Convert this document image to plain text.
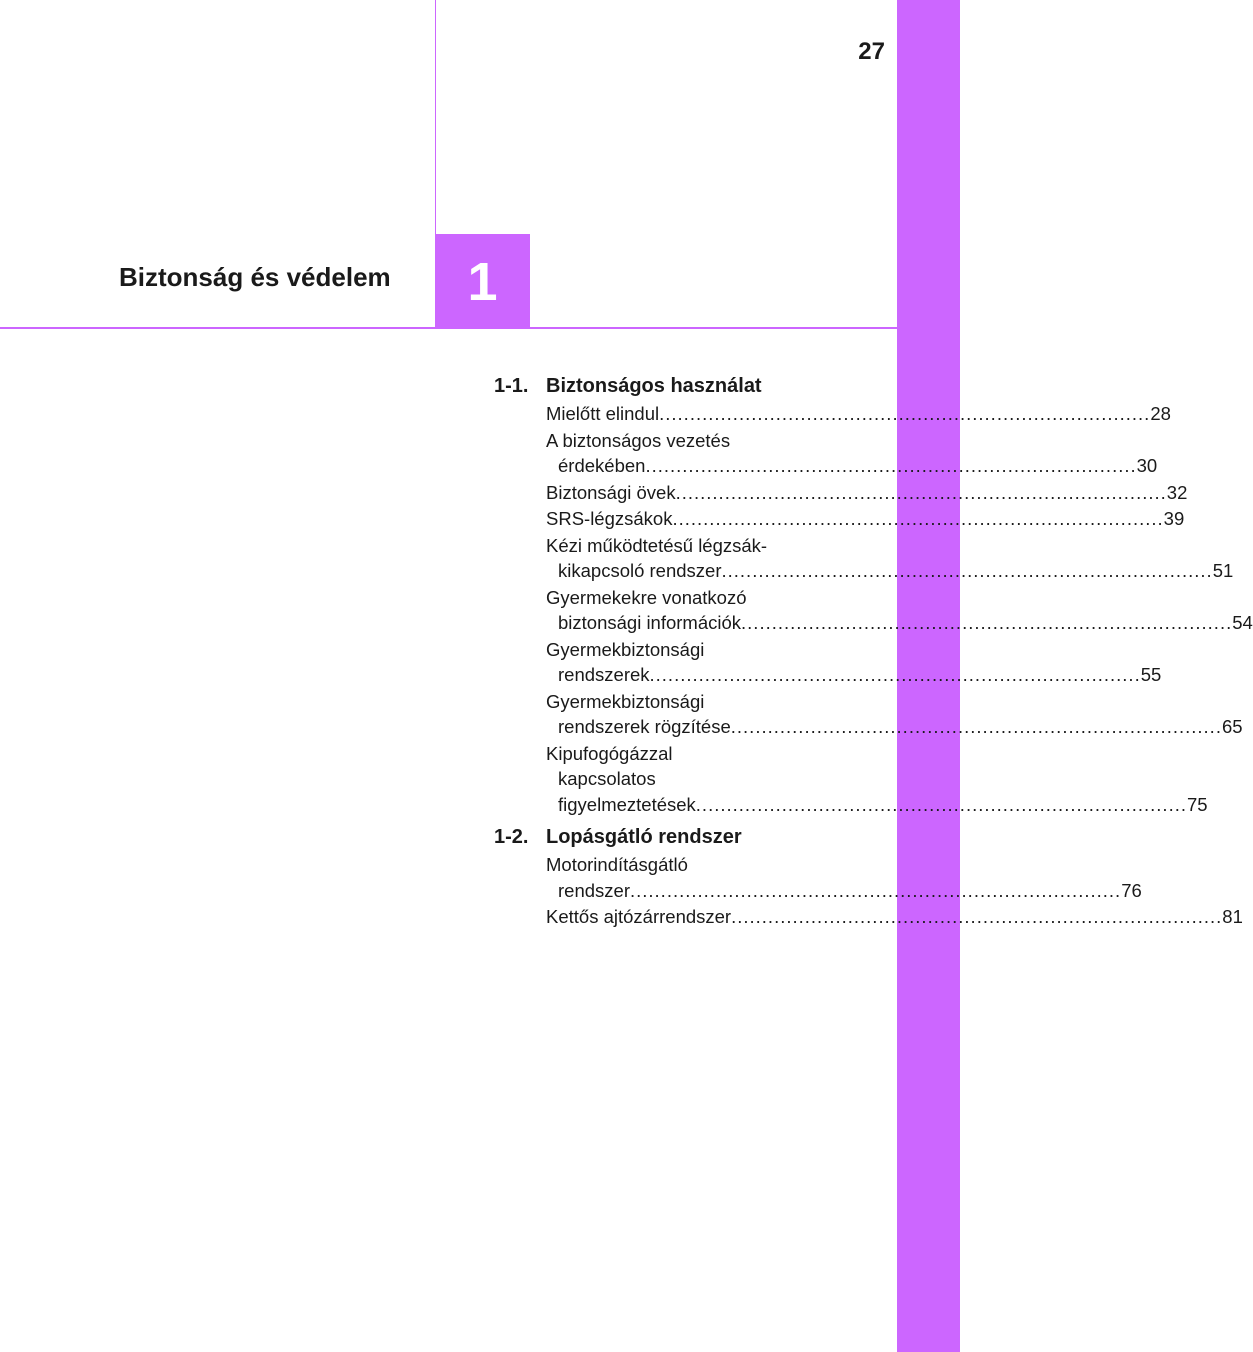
27
Biztonság és védelem 1
1-1. Biztonságos használat
Mielőtt elindul ................................................................................ 28
A biztonságos vezetés
érdekében ................................................................................ 30
Biztonsági övek ................................................................................ 32
SRS-légzsákok ................................................................................ 39
Kézi működtetésű légzsák-
kikapcsoló rendszer ................................................................................ 51
Gyermekekre vonatkozó
biztonsági információk ................................................................................ 54
Gyermekbiztonsági
rendszerek ................................................................................ 55
Gyermekbiztonsági
rendszerek rögzítése ................................................................................ 65
Kipufogógázzal
kapcsolatos
figyelmeztetések ................................................................................ 75
1-2. Lopásgátló rendszer
Motorindításgátló
rendszer ................................................................................ 76
Kettős ajtózárrendszer ................................................................................ 81
